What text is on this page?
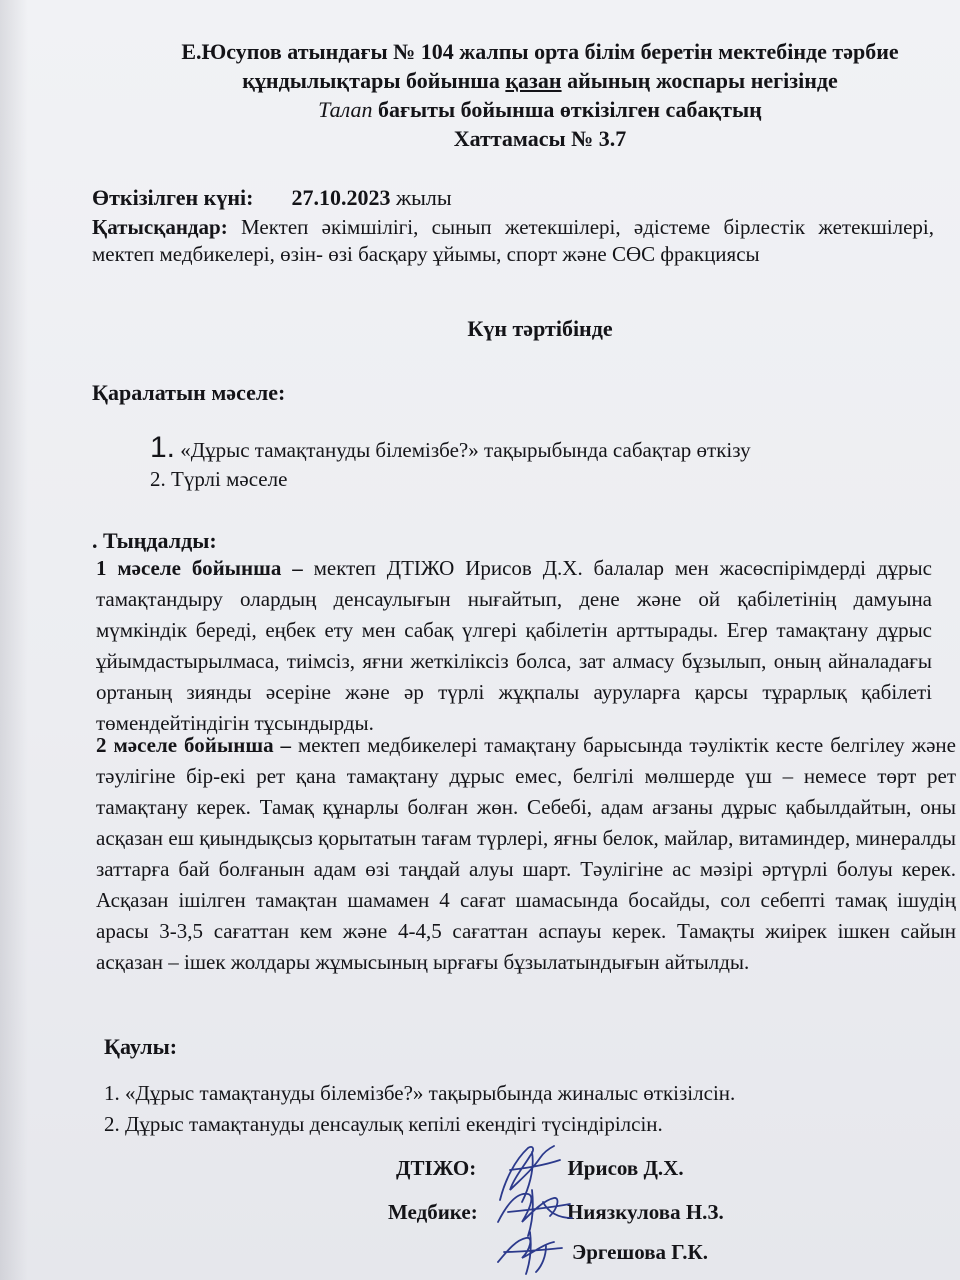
Е.Юсупов атындағы № 104 жалпы орта білім беретін мектебінде тәрбие
құндылықтары бойынша қазан айының жоспары негізінде
Талап бағыты бойынша өткізілген сабақтың
Хаттамасы № 3.7
Өткізілген күні: 27.10.2023 жылы
Қатысқандар: Мектеп әкімшілігі, сынып жетекшілері, әдістеме бірлестік жетекшілері, мектеп медбикелері, өзін- өзі басқару ұйымы, спорт және СӨС фракциясы
Күн тәртібінде
Қаралатын мәселе:
1. «Дұрыс тамақтануды білемізбе?» тақырыбында сабақтар өткізу
2. Түрлі мәселе
. Тыңдалды:
1 мәселе бойынша – мектеп ДТІЖО Ирисов Д.Х. балалар мен жасөспірімдерді дұрыс тамақтандыру олардың денсаулығын нығайтып, дене және ой қабілетінің дамуына мүмкіндік береді, еңбек ету мен сабақ үлгері қабілетін арттырады. Егер тамақтану дұрыс ұйымдастырылмаса, тиімсіз, яғни жеткіліксіз болса, зат алмасу бұзылып, оның айналадағы ортаның зиянды әсеріне және әр түрлі жұқпалы ауруларға қарсы тұрарлық қабілеті төмендейтіндігін тұсындырды.
2 мәселе бойынша – мектеп медбикелері тамақтану барысында тәуліктік кесте белгілеу және тәулігіне бір-екі рет қана тамақтану дұрыс емес, белгілі мөлшерде үш – немесе төрт рет тамақтану керек. Тамақ құнарлы болған жөн. Себебі, адам ағзаны дұрыс қабылдайтын, оны асқазан еш қиындықсыз қорытатын тағам түрлері, яғны белок, майлар, витаминдер, минералды заттарға бай болғанын адам өзі таңдай алуы шарт. Тәулігіне ас мәзірі әртүрлі болуы керек. Асқазан ішілген тамақтан шамамен 4 сағат шамасында босайды, сол себепті тамақ ішудің арасы 3-3,5 сағаттан кем және 4-4,5 сағаттан аспауы керек. Тамақты жиірек ішкен сайын асқазан – ішек жолдары жұмысының ырғағы бұзылатындығын айтылды.
Қаулы:
1. «Дұрыс тамақтануды білемізбе?» тақырыбында жиналыс өткізілсін.
2. Дұрыс тамақтануды денсаулық кепілі екендігі түсіндірілсін.
ДТІЖО:	Ирисов Д.Х.
Медбике:	Ниязкулова Н.З.
Эргешова Г.К.
